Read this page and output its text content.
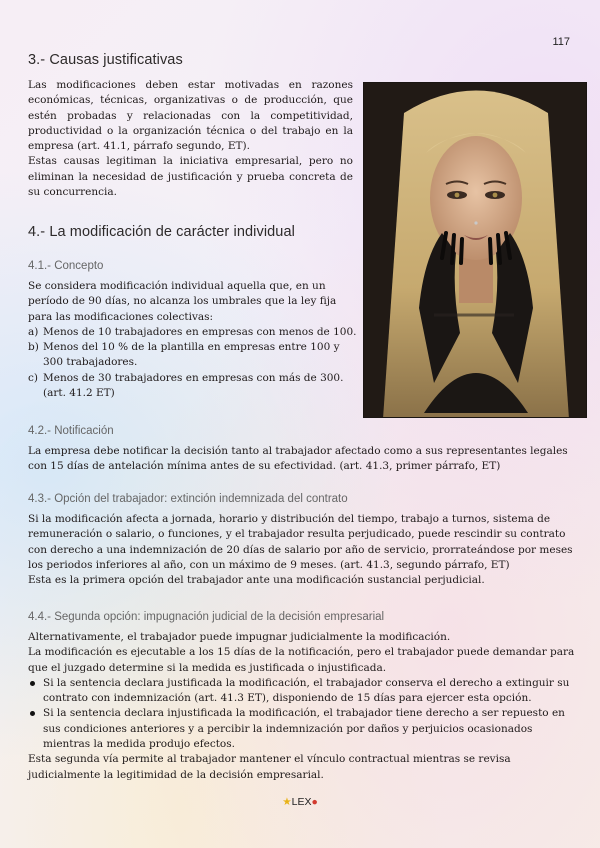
117
3.- Causas justificativas

Las modificaciones deben estar motivadas en razones económicas, técnicas, organizativas o de producción, que estén probadas y relacionadas con la competitividad, productividad o la organización técnica o del trabajo en la empresa (art. 41.1, párrafo segundo, ET).

Estas causas legitiman la iniciativa empresarial, pero no eliminan la necesidad de justificación y prueba concreta de su concurrencia.

4.- La modificación de carácter individual
4.1.- Concepto

Se considera modificación individual aquella que, en un período de 90 días, no alcanza los umbrales que la ley fija para las modificaciones colectivas:

a) Menos de 10 trabajadores en empresas con menos de 100.
b) Menos del 10 % de la plantilla en empresas entre 100 y 300 trabajadores.
c) Menos de 30 trabajadores en empresas con más de 300. (art. 41.2 ET)
4.2.- Notificación

La empresa debe notificar la decisión tanto al trabajador afectado como a sus representantes legales con 15 días de antelación mínima antes de su efectividad. (art. 41.3, primer párrafo, ET)

4.3.- Opción del trabajador: extinción indemnizada del contrato

Si la modificación afecta a jornada, horario y distribución del tiempo, trabajo a turnos, sistema de remuneración o salario, o funciones, y el trabajador resulta perjudicado, puede rescindir su contrato con derecho a una indemnización de 20 días de salario por año de servicio, prorrateándose por meses los periodos inferiores al año, con un máximo de 9 meses. (art. 41.3, segundo párrafo, ET)

Esta es la primera opción del trabajador ante una modificación sustancial perjudicial.

4.4.- Segunda opción: impugnación judicial de la decisión empresarial

Alternativamente, el trabajador puede impugnar judicialmente la modificación.

La modificación es ejecutable a los 15 días de la notificación, pero el trabajador puede demandar para que el juzgado determine si la medida es justificada o injustificada.

Si la sentencia declara justificada la modificación, el trabajador conserva el derecho a extinguir su contrato con indemnización (art. 41.3 ET), disponiendo de 15 días para ejercer esta opción.
Si la sentencia declara injustificada la modificación, el trabajador tiene derecho a ser repuesto en sus condiciones anteriores y a percibir la indemnización por daños y perjuicios ocasionados mientras la medida produjo efectos.

Esta segunda vía permite al trabajador mantener el vínculo contractual mientras se revisa judicialmente la legitimidad de la decisión empresarial.

★LEX●
